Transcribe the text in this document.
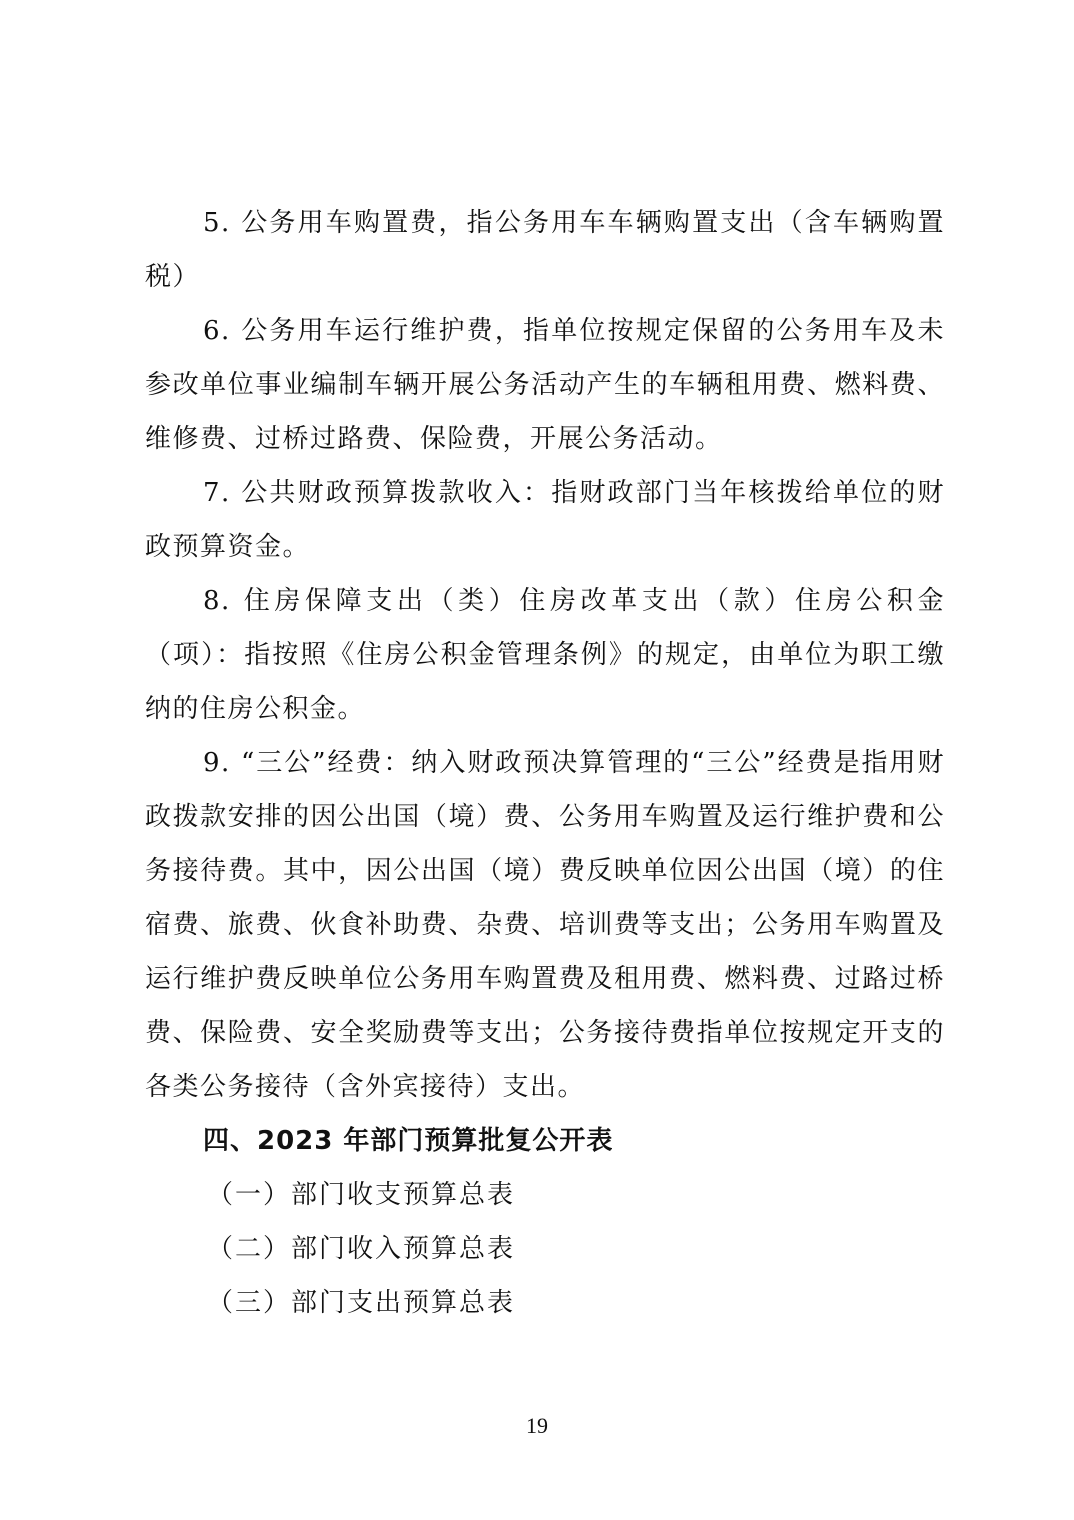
5. 公务用车购置费，指公务用车车辆购置支出（含车辆购置税）

6. 公务用车运行维护费，指单位按规定保留的公务用车及未参改单位事业编制车辆开展公务活动产生的车辆租用费、燃料费、维修费、过桥过路费、保险费，开展公务活动。

7. 公共财政预算拨款收入：指财政部门当年核拨给单位的财政预算资金。

8. 住房保障支出（类）住房改革支出（款）住房公积金（项）：指按照《住房公积金管理条例》的规定，由单位为职工缴纳的住房公积金。

9. “三公”经费：纳入财政预决算管理的“三公”经费是指用财政拨款安排的因公出国（境）费、公务用车购置及运行维护费和公务接待费。其中，因公出国（境）费反映单位因公出国（境）的住宿费、旅费、伙食补助费、杂费、培训费等支出；公务用车购置及运行维护费反映单位公务用车购置费及租用费、燃料费、过路过桥费、保险费、安全奖励费等支出；公务接待费指单位按规定开支的各类公务接待（含外宾接待）支出。

四、2023 年部门预算批复公开表

（一）部门收支预算总表

（二）部门收入预算总表

（三）部门支出预算总表

19
